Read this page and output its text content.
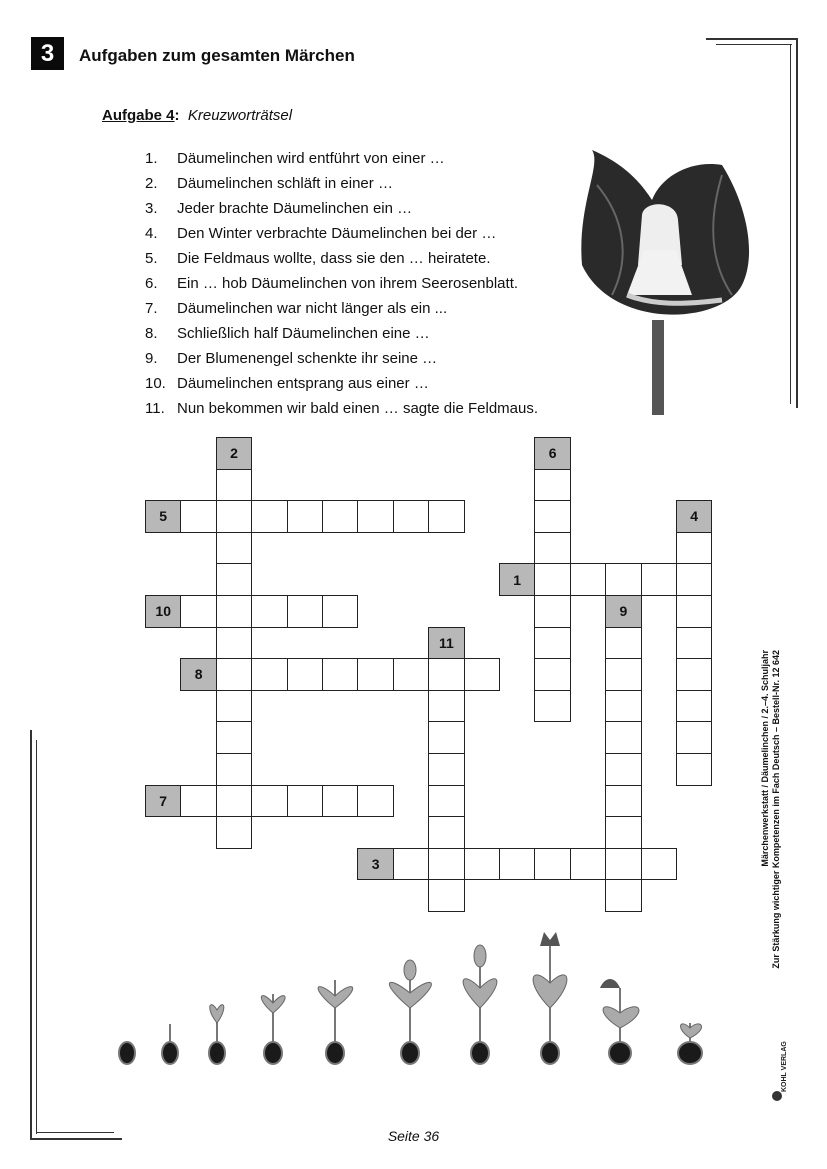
3	Aufgaben zum gesamten Märchen
Aufgabe 4: Kreuzworträtsel
1.	Däumelinchen wird entführt von einer …
2.	Däumelinchen schläft in einer …
3.	Jeder brachte Däumelinchen ein …
4.	Den Winter verbrachte Däumelinchen bei der …
5.	Die Feldmaus wollte, dass sie den … heiratete.
6.	Ein … hob Däumelinchen von ihrem Seerosenblatt.
7.	Däumelinchen war nicht länger als ein ...
8.	Schließlich half Däumelinchen eine …
9.	Der Blumenengel schenkte ihr seine …
10. Däumelinchen entsprang aus einer …
11. Nun bekommen wir bald einen … sagte die Feldmaus.
1
2
3
4
5
6
7
8
9
10
11
Märchenwerkstatt / Däumelinchen / 2.–4. Schuljahr Zur Stärkung wichtiger Kompetenzen im Fach Deutsch – Bestell-Nr. 12 642
KOHL VERLAG
Seite 36
